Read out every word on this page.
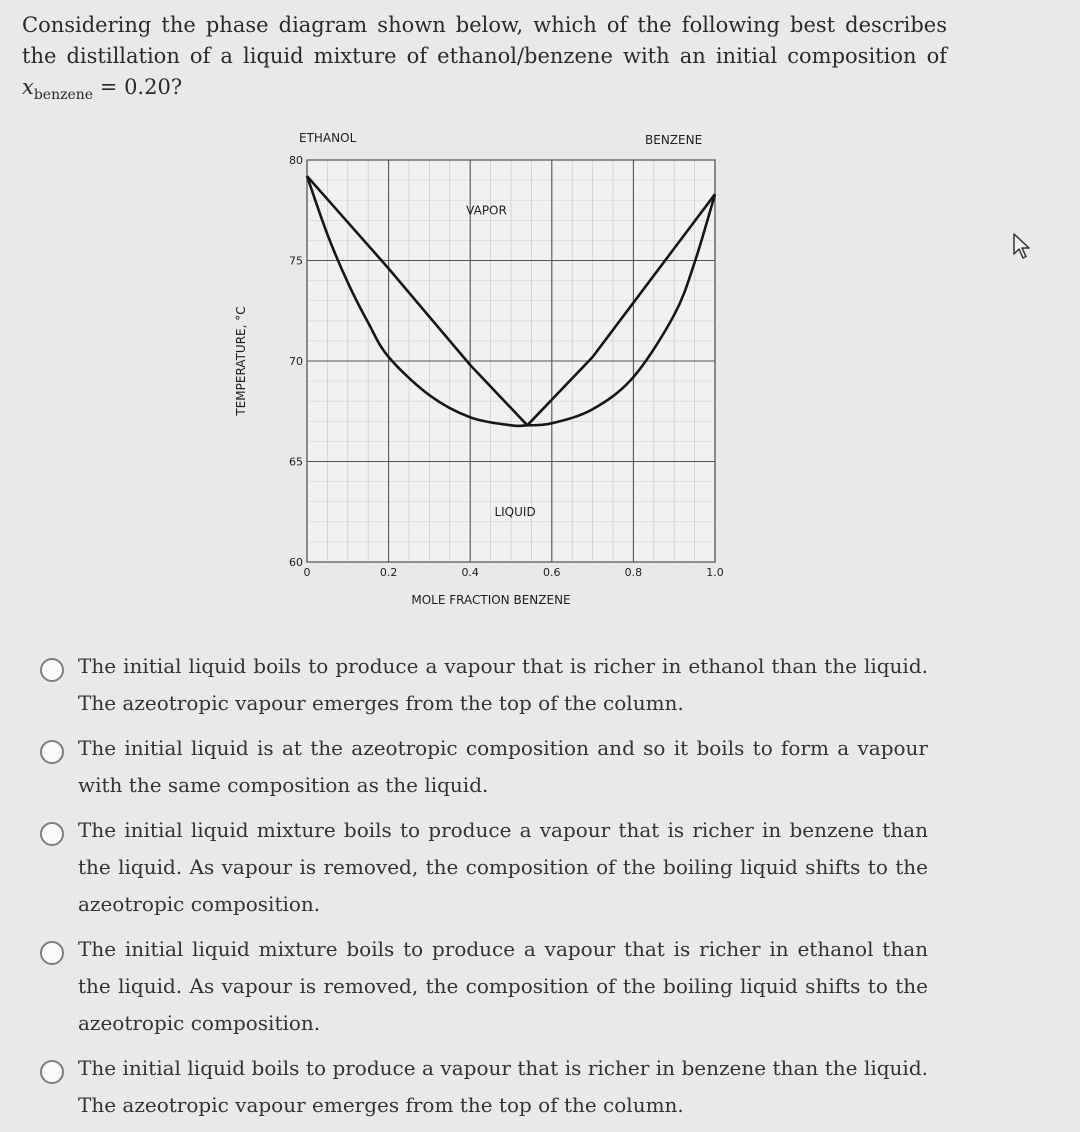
Considering the phase diagram shown below, which of the following best describes the distillation of a liquid mixture of ethanol/benzene with an initial composition of $x_{benzene} = 0.20$?
0	0.2	0.4	0.6	0.8	1.0
60
65
70
75
80
ETHANOL	BENZENE
VAPOR
LIQUID
MOLE FRACTION BENZENE
TEMPERATURE, °C
The initial liquid boils to produce a vapour that is richer in ethanol than the liquid. The azeotropic vapour emerges from the top of the column.
The initial liquid is at the azeotropic composition and so it boils to form a vapour with the same composition as the liquid.
The initial liquid mixture boils to produce a vapour that is richer in benzene than the liquid. As vapour is removed, the composition of the boiling liquid shifts to the azeotropic composition.
The initial liquid mixture boils to produce a vapour that is richer in ethanol than the liquid. As vapour is removed, the composition of the boiling liquid shifts to the azeotropic composition.
The initial liquid boils to produce a vapour that is richer in benzene than the liquid. The azeotropic vapour emerges from the top of the column.
